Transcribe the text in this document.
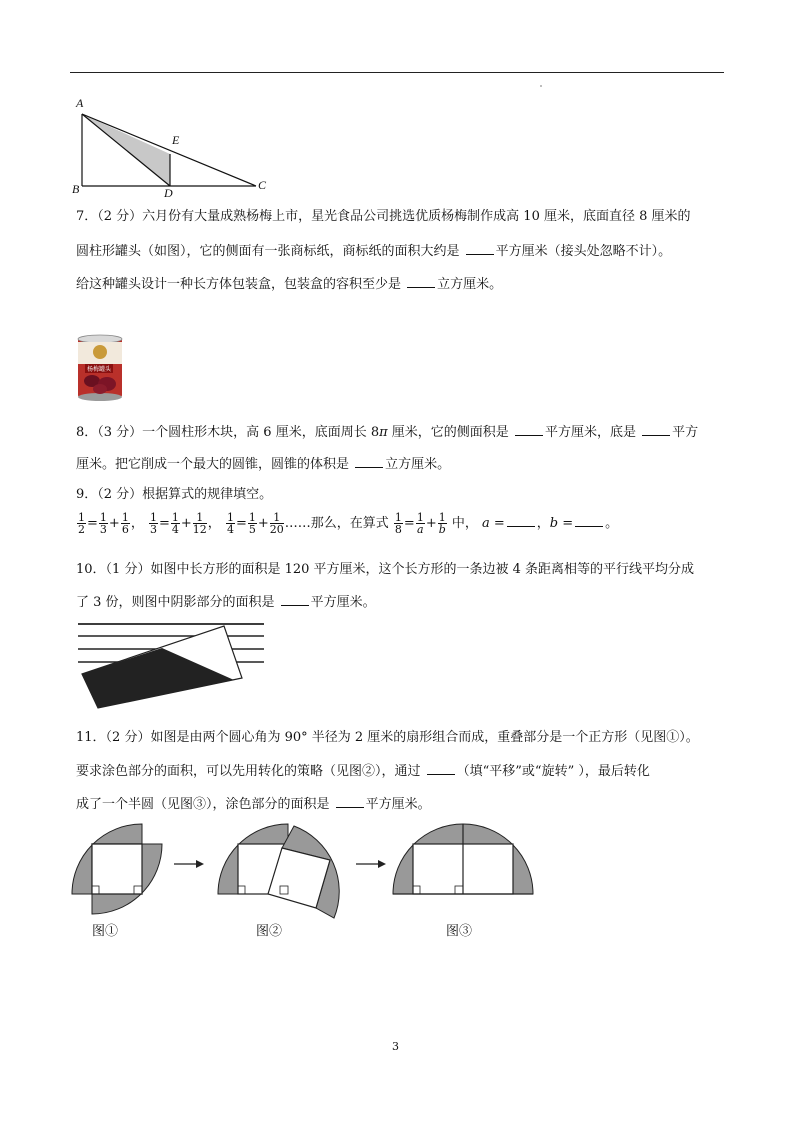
A
E
B	D
C
7．（2 分）六月份有大量成熟杨梅上市，星光食品公司挑选优质杨梅制作成高 10 厘米，底面直径 8 厘米的
圆柱形罐头（如图），它的侧面有一张商标纸，商标纸的面积大约是 平方厘米（接头处忽略不计）。
给这种罐头设计一种长方体包装盒，包装盒的容积至少是 立方厘米。
杨梅罐头
8．（3 分）一个圆柱形木块，高 6 厘米，底面周长 8π 厘米，它的侧面积是 平方厘米，底是 平方
厘米。把它削成一个最大的圆锥，圆锥的体积是 立方厘米。
9．（2 分）根据算式的规律填空。
$\frac{1}{2} = \frac{1}{3} + \frac{1}{6}$ ， $\frac{1}{3} = \frac{1}{4} + \frac{1}{12}$ ， $\frac{1}{4} = \frac{1}{5} + \frac{1}{20}$ ……那么，在算式 $\frac{1}{8} = \frac{1}{a} + \frac{1}{b}$ 中， a = ，b = 。
10．（1 分）如图中长方形的面积是 120 平方厘米，这个长方形的一条边被 4 条距离相等的平行线平均分成
了 3 份，则图中阴影部分的面积是 平方厘米。
11．（2 分）如图是由两个圆心角为 90° 半径为 2 厘米的扇形组合而成，重叠部分是一个正方形（见图①）。
要求涂色部分的面积，可以先用转化的策略（见图②），通过 （填“平移”或“旋转” ），最后转化
成了一个半圆（见图③），涂色部分的面积是 平方厘米。
图①	图②	图③
3
